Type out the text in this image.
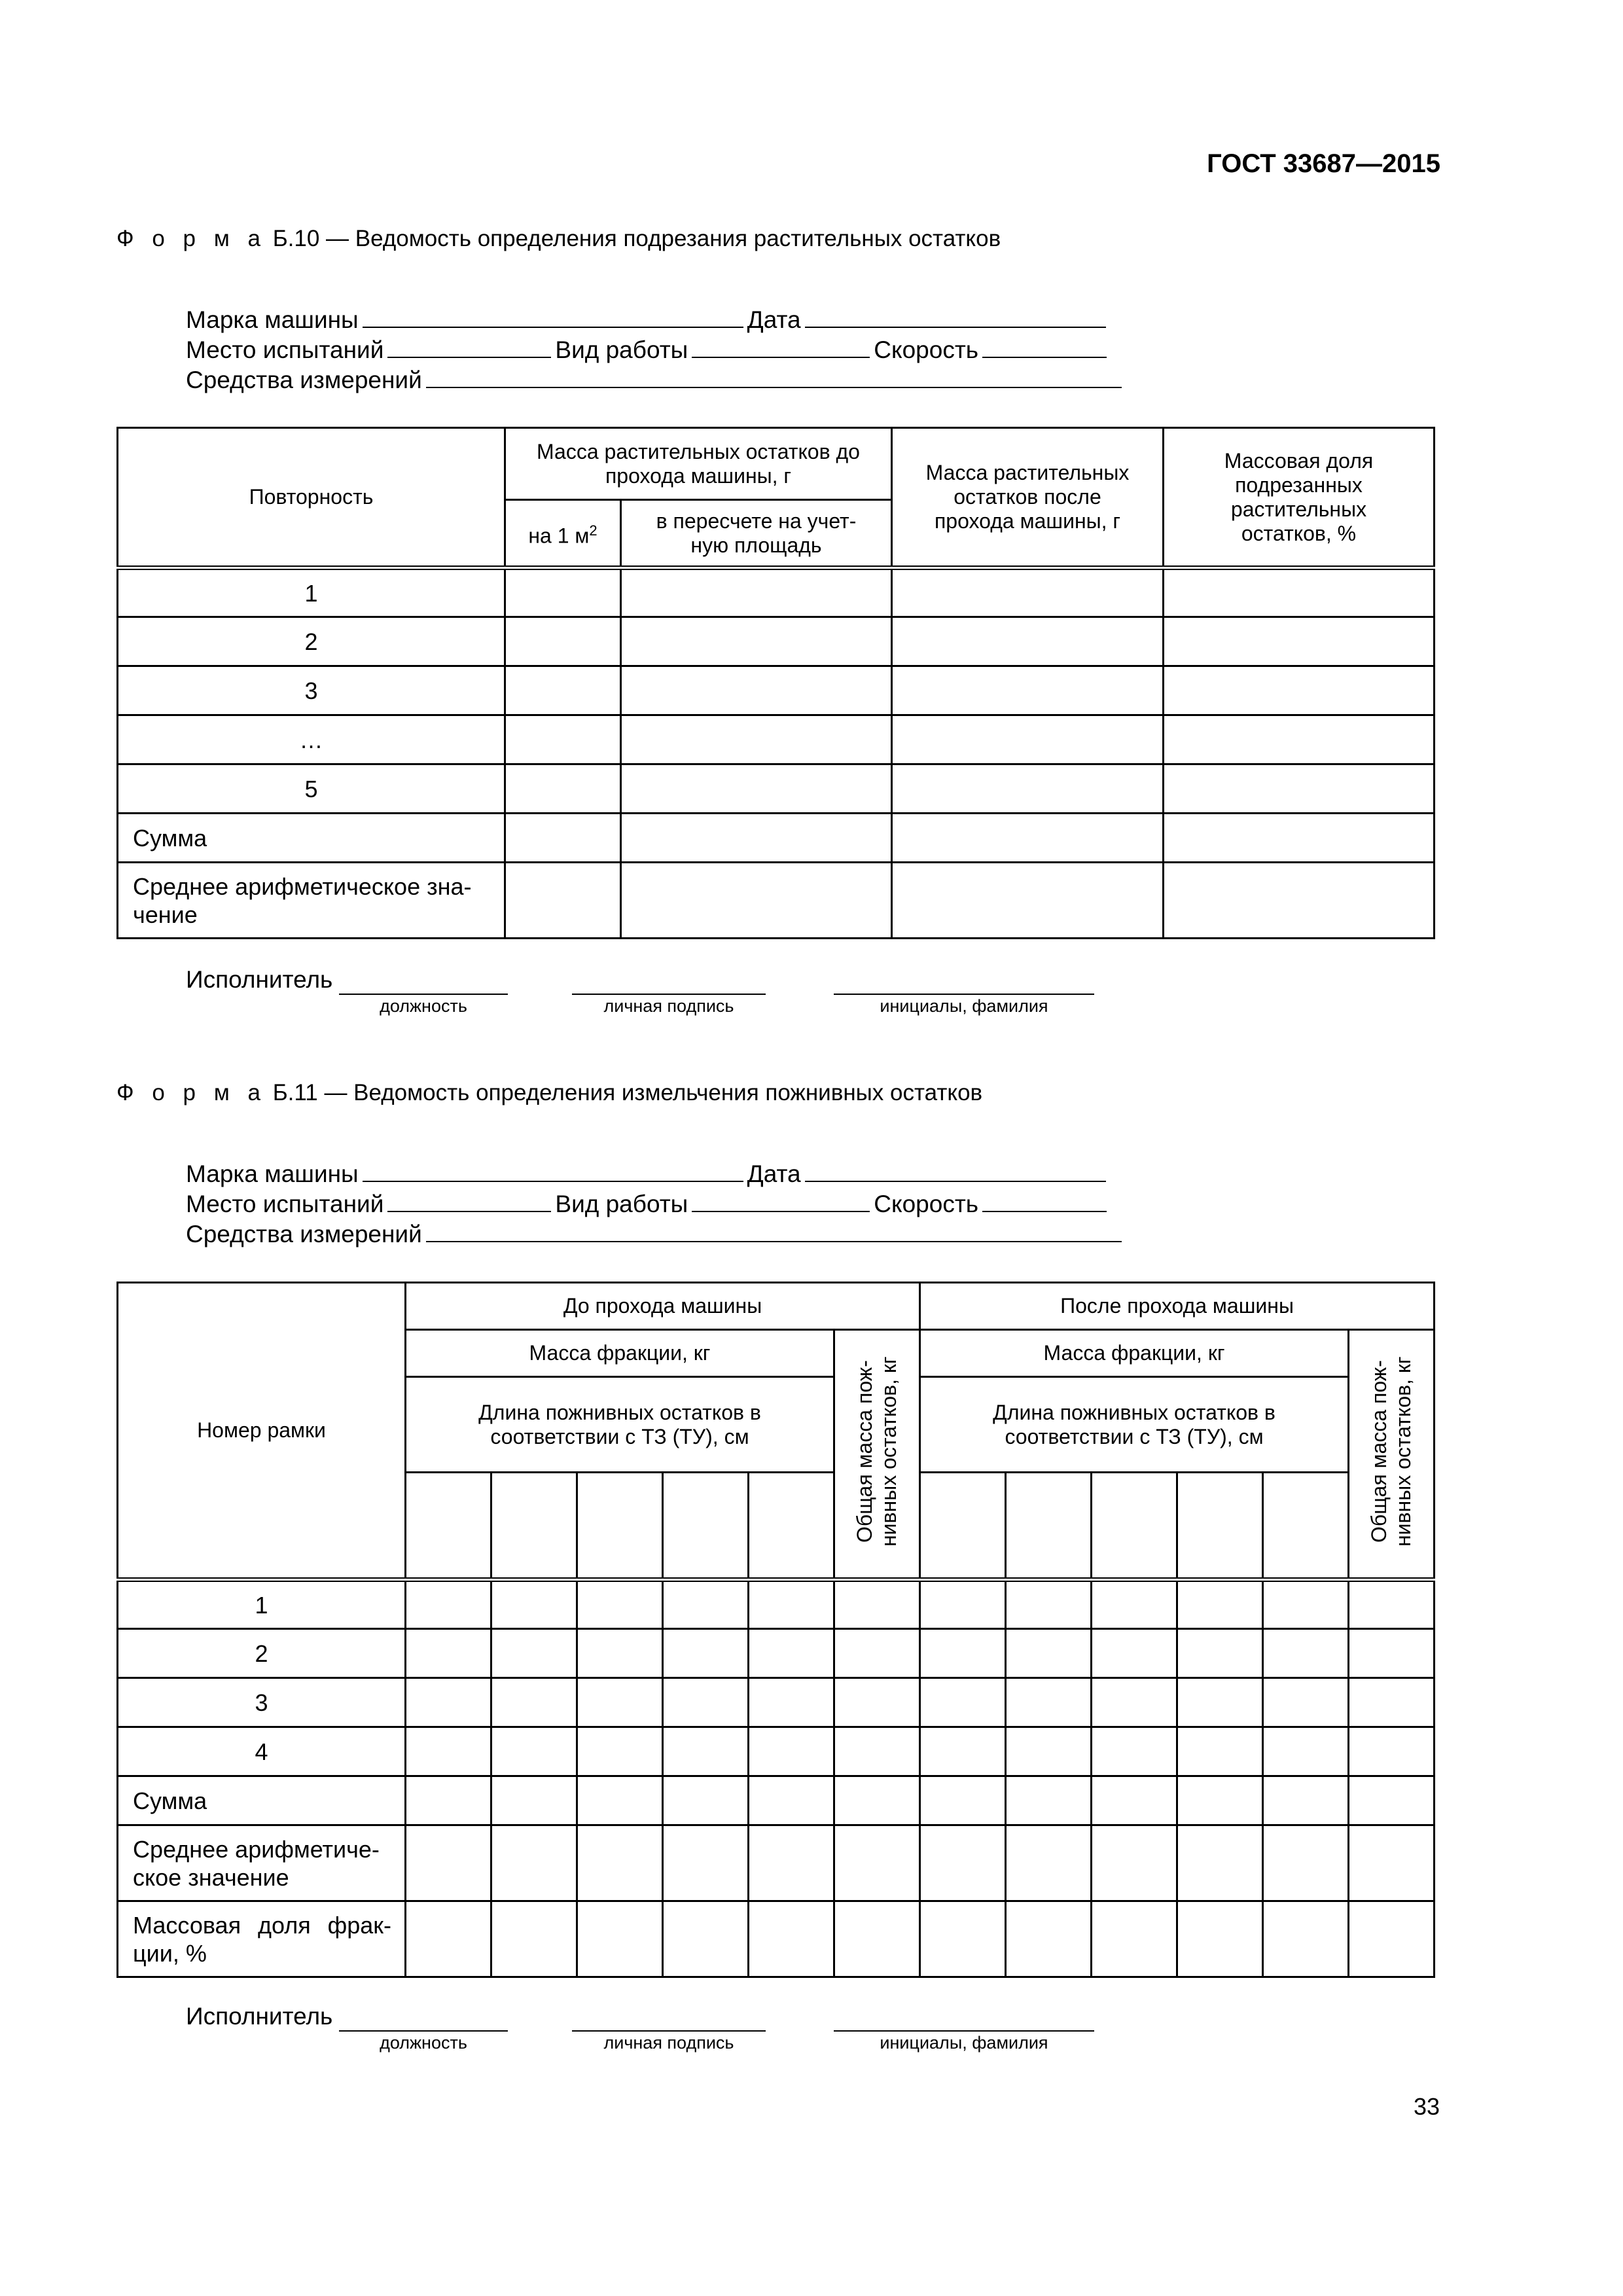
ГОСТ 33687—2015
Ф о р м а Б.10 — Ведомость определения подрезания растительных остатков
Марка машины	Дата
Место испытаний	Вид работы	Скорость
Средства измерений
Повторность	Масса растительных остатков до прохода машины, г		Масса растительных остатков после прохода машины, г	Массовая доля подрезанных растительных остатков, %
	на 1 $м^2$	в пересчете на учет-ную площадь		
1				
2				
3				
…				
5				
Сумма				
Среднее арифметическое зна-чение				
Исполнитель
должность	личная подпись	инициалы, фамилия
Ф о р м а Б.11 — Ведомость определения измельчения пожнивных остатков
Марка машины	Дата
Место испытаний	Вид работы	Скорость
Средства измерений
Номер рамки	До прохода машины						После прохода машины					
	Масса фракции, кг					Общая масса пож-нивных остатков, кг	Масса фракции, кг					Общая масса пож-нивных остатков, кг
	Длина пожнивных остатков в соответствии с ТЗ (ТУ), см						Длина пожнивных остатков в соответствии с ТЗ (ТУ), см					

1												
2												
3												
4												
Сумма												
Среднее арифметиче-ское значение												
Массовая доля фрак-ции, %												
Исполнитель
должность	личная подпись	инициалы, фамилия
33
